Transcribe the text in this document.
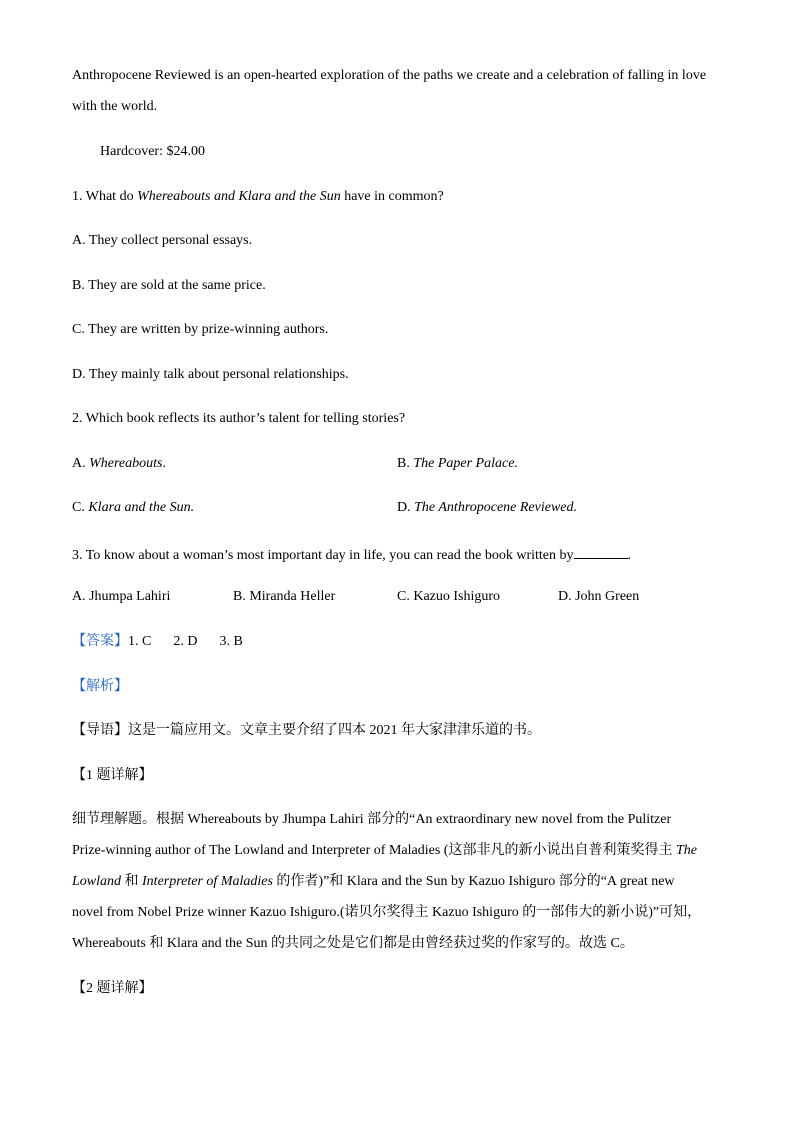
Anthropocene Reviewed is an open-hearted exploration of the paths we create and a celebration of falling in love
with the world.
Hardcover: $24.00
1. What do Whereabouts and Klara and the Sun have in common?
A. They collect personal essays.
B. They are sold at the same price.
C. They are written by prize-winning authors.
D. They mainly talk about personal relationships.
2. Which book reflects its author’s talent for telling stories?
A. Whereabouts.	B. The Paper Palace.
C. Klara and the Sun.	D. The Anthropocene Reviewed.
3. To know about a woman’s most important day in life, you can read the book written by	.
A. Jhumpa Lahiri	B. Miranda Heller	C. Kazuo Ishiguro	D. John Green
【答案】1. C 2. D 3. B
【解析】
【导语】这是一篇应用文。文章主要介绍了四本 2021 年大家津津乐道的书。
【1 题详解】
细节理解题。根据 Whereabouts by Jhumpa Lahiri 部分的“An extraordinary new novel from the Pulitzer
Prize-winning author of The Lowland and Interpreter of Maladies (这部非凡的新小说出自普利策奖得主 The
Lowland 和 Interpreter of Maladies 的作者)”和 Klara and the Sun by Kazuo Ishiguro 部分的“A great new
novel from Nobel Prize winner Kazuo Ishiguro.(诺贝尔奖得主 Kazuo Ishiguro 的一部伟大的新小说)”可知，
Whereabouts 和 Klara and the Sun 的共同之处是它们都是由曾经获过奖的作家写的。故选 C。
【2 题详解】
